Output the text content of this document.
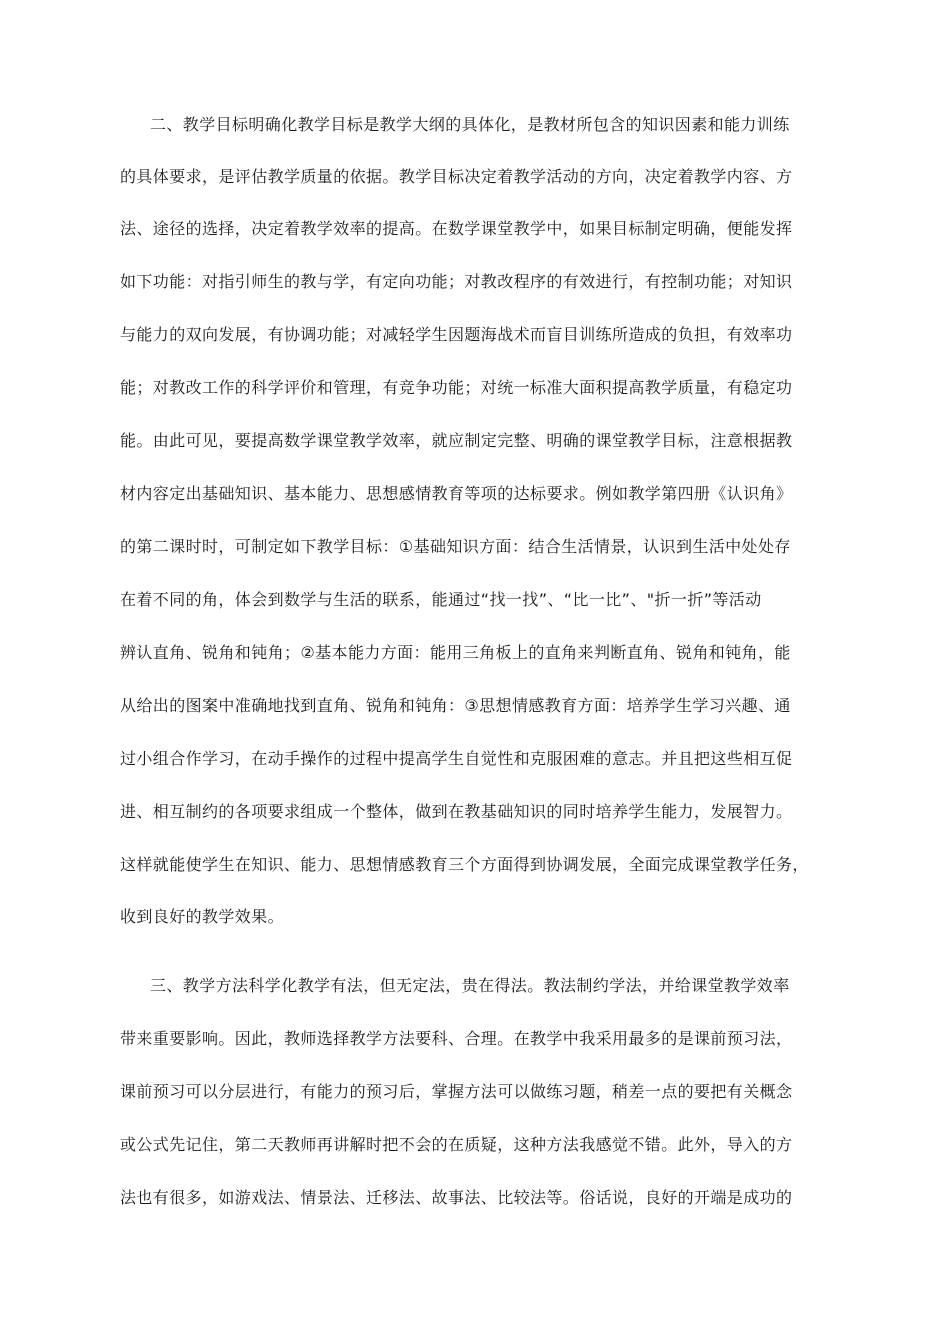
二、教学目标明确化教学目标是教学大纲的具体化，是教材所包含的知识因素和能力训练
的具体要求，是评估教学质量的依据。教学目标决定着教学活动的方向，决定着教学内容、方
法、途径的选择，决定着教学效率的提高。在数学课堂教学中，如果目标制定明确，便能发挥
如下功能：对指引师生的教与学，有定向功能；对教改程序的有效进行，有控制功能；对知识
与能力的双向发展，有协调功能；对减轻学生因题海战术而盲目训练所造成的负担，有效率功
能；对教改工作的科学评价和管理，有竞争功能；对统一标准大面积提高教学质量，有稳定功
能。由此可见，要提高数学课堂教学效率，就应制定完整、明确的课堂教学目标，注意根据教
材内容定出基础知识、基本能力、思想感情教育等项的达标要求。例如教学第四册《认识角》
的第二课时时，可制定如下教学目标：①基础知识方面：结合生活情景，认识到生活中处处存
在着不同的角，体会到数学与生活的联系，能通过“找一找”、“比一比”、"折一折”等活动
辨认直角、锐角和钝角；②基本能力方面：能用三角板上的直角来判断直角、锐角和钝角，能
从给出的图案中准确地找到直角、锐角和钝角：③思想情感教育方面：培养学生学习兴趣、通
过小组合作学习，在动手操作的过程中提高学生自觉性和克服困难的意志。并且把这些相互促
进、相互制约的各项要求组成一个整体，做到在教基础知识的同时培养学生能力，发展智力。
这样就能使学生在知识、能力、思想情感教育三个方面得到协调发展，全面完成课堂教学任务，
收到良好的教学效果。
三、教学方法科学化教学有法，但无定法，贵在得法。教法制约学法，并给课堂教学效率
带来重要影响。因此，教师选择教学方法要科、合理。在教学中我采用最多的是课前预习法，
课前预习可以分层进行，有能力的预习后，掌握方法可以做练习题，稍差一点的要把有关概念
或公式先记住，第二天教师再讲解时把不会的在质疑，这种方法我感觉不错。此外，导入的方
法也有很多，如游戏法、情景法、迁移法、故事法、比较法等。俗话说，良好的开端是成功的
